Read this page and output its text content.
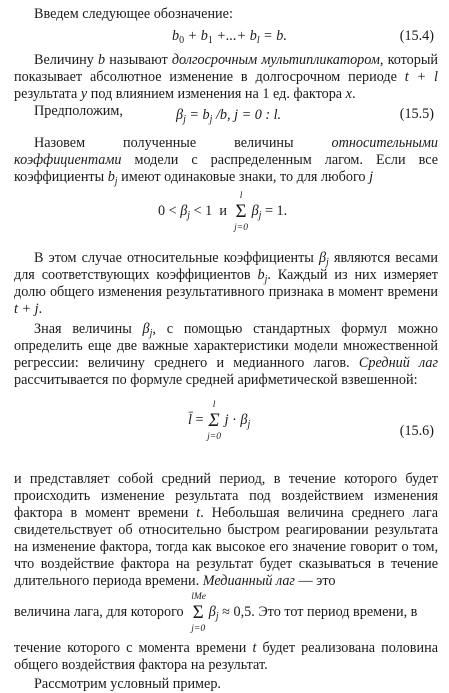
Введем следующее обозначение:

$b_0 + b_1$ +...+ $b_l = b$.	(15.4)

Величину b называют долгосрочным мультипликатором, который показывает абсолютное изменение в долгосрочном периоде t + l результата y под влиянием изменения на 1 ед. фактора x.

Предположим,	$\beta_j = b_j$ /b, j = 0 : l.	(15.5)

Назовем полученные величины относительными коэффициентами модели с распределенным лагом. Если все коэффициенты $b_j$ имеют одинаковые знаки, то для любого j

$0 < \beta_j < 1$  и
l
Σ
j=0
$\beta_j = 1$.

В этом случае относительные коэффициенты $\beta_j$ являются весами для соответствующих коэффициентов $b_j$. Каждый из них измеряет долю общего изменения результативного признака в момент времени t + j.

Зная величины $\beta_j$, с помощью стандартных формул можно определить еще две важные характеристики модели множественной регрессии: величину среднего и медианного лагов. Средний лаг рассчитывается по формуле средней арифметической взвешенной:

l̄ =
l
Σ
j=0
$j \cdot \beta_j$	(15.6)

и представляет собой средний период, в течение которого будет происходить изменение результата под воздействием изменения фактора в момент времени t. Небольшая величина среднего лага свидетельствует об относительно быстром реагировании результата на изменение фактора, тогда как высокое его значение говорит о том, что воздействие фактора на результат будет сказываться в течение длительного периода времени. Медианный лаг — это

величина лага, для которого
lMe
Σ
j=0
$\beta_j \approx 0,5$. Это тот период времени, в

течение которого с момента времени t будет реализована половина общего воздействия фактора на результат.

Рассмотрим условный пример.
